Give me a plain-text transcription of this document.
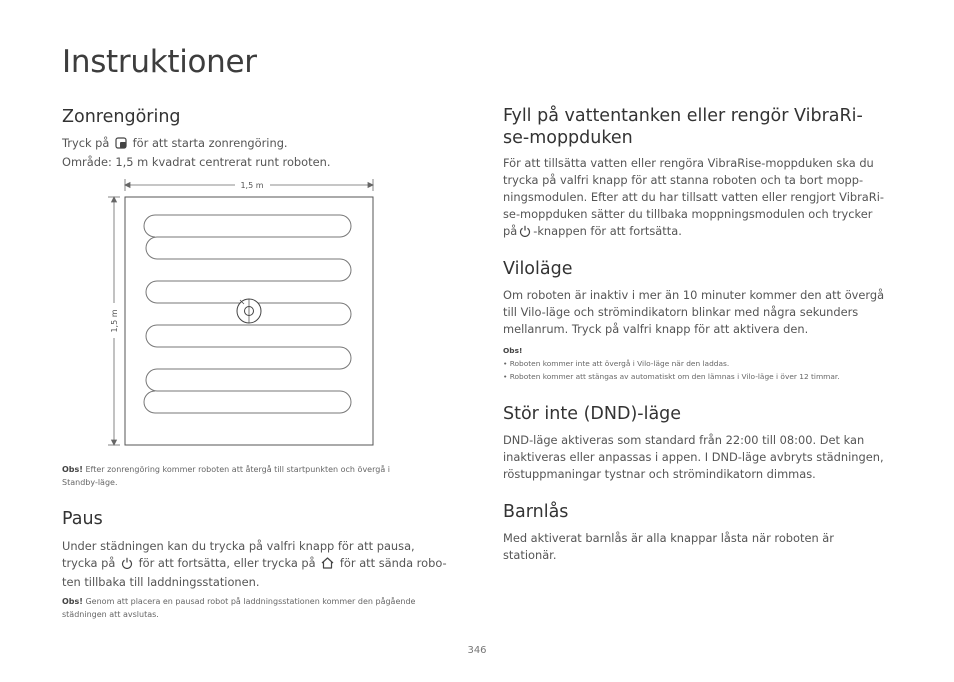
Instruktioner
Zonrengöring
Tryck på för att starta zonrengöring.
Område: 1,5 m kvadrat centrerat runt roboten.
1,5 m
1,5 m
Obs! Efter zonrengöring kommer roboten att återgå till startpunkten och övergå i Standby-läge.
Paus
Under städningen kan du trycka på valfri knapp för att pausa,
trycka på för att fortsätta, eller trycka på för att sända robo-
ten tillbaka till laddningsstationen.
Obs! Genom att placera en pausad robot på laddningsstationen kommer den pågående städningen att avslutas.
Fyll på vattentanken eller rengör VibraRi-
se-moppduken
För att tillsätta vatten eller rengöra VibraRise-moppduken ska du
trycka på valfri knapp för att stanna roboten och ta bort mopp-
ningsmodulen. Efter att du har tillsatt vatten eller rengjort VibraRi-
se-moppduken sätter du tillbaka moppningsmodulen och trycker
på -knappen för att fortsätta.
Viloläge
Om roboten är inaktiv i mer än 10 minuter kommer den att övergå
till Vilo-läge och strömindikatorn blinkar med några sekunders
mellanrum. Tryck på valfri knapp för att aktivera den.
Obs!
• Roboten kommer inte att övergå i Vilo-läge när den laddas.
• Roboten kommer att stängas av automatiskt om den lämnas i Vilo-läge i över 12 timmar.
Stör inte (DND)-läge
DND-läge aktiveras som standard från 22:00 till 08:00. Det kan
inaktiveras eller anpassas i appen. I DND-läge avbryts städningen,
röstuppmaningar tystnar och strömindikatorn dimmas.
Barnlås
Med aktiverat barnlås är alla knappar låsta när roboten är
stationär.
346
